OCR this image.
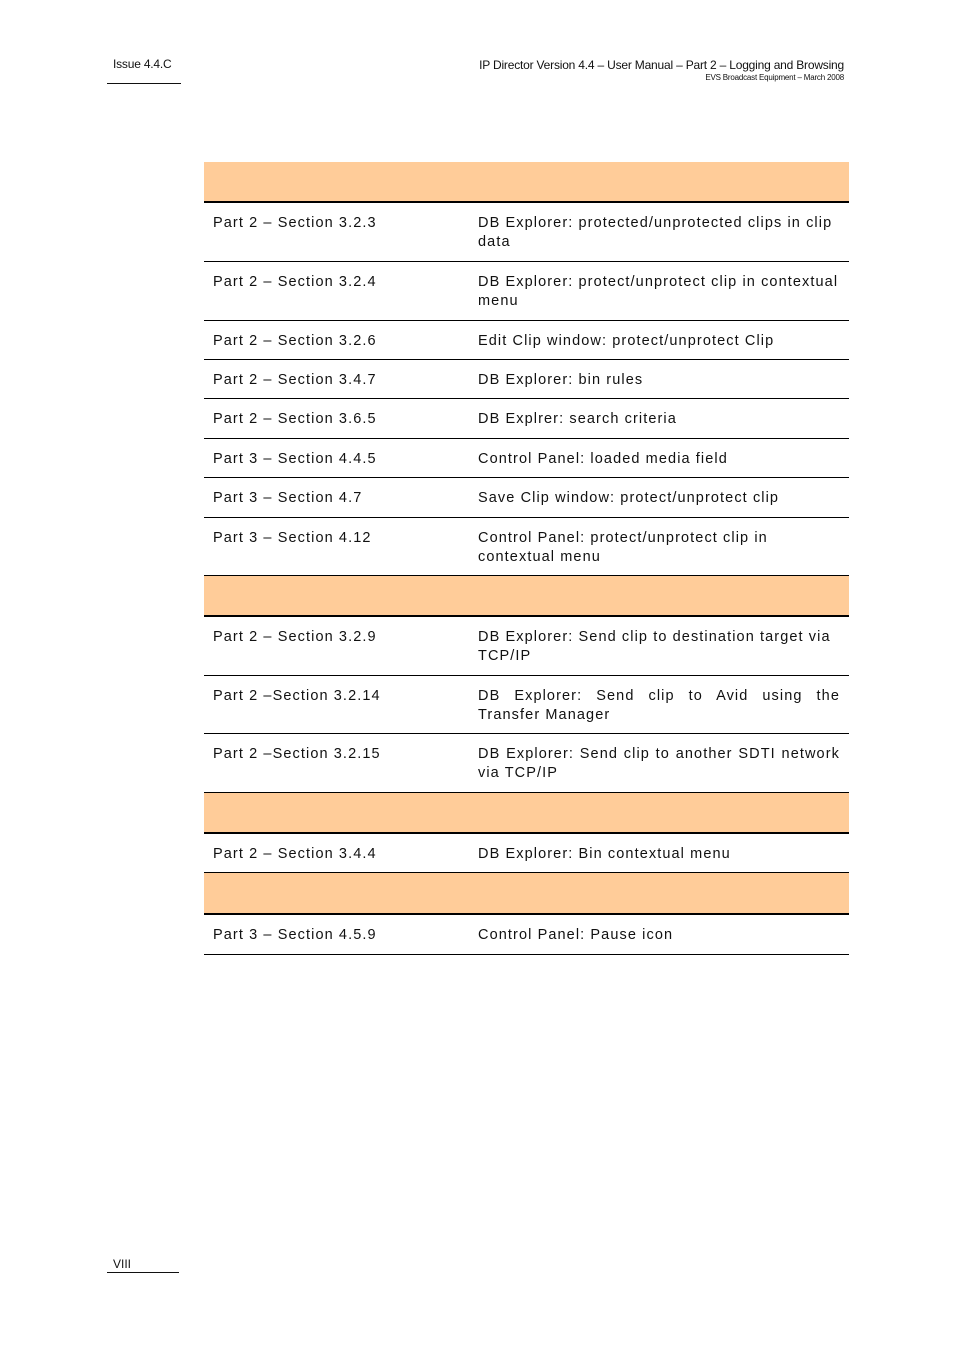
Issue 4.4.C	IP Director Version 4.4 – User Manual – Part 2 – Logging and Browsing
EVS Broadcast Equipment – March 2008
Part 2 – Section 3.2.3	DB Explorer: protected/unprotected clips in clip data
Part 2 – Section 3.2.4	DB Explorer: protect/unprotect clip in contextual menu
Part 2 – Section 3.2.6	Edit Clip window: protect/unprotect Clip
Part 2 – Section 3.4.7	DB Explorer: bin rules
Part 2 – Section 3.6.5	DB Explrer: search criteria
Part 3 – Section 4.4.5	Control Panel: loaded media field
Part 3 – Section 4.7	Save Clip window: protect/unprotect clip
Part 3 – Section 4.12	Control Panel: protect/unprotect clip in contextual menu
Part 2 – Section 3.2.9	DB Explorer: Send clip to destination target via TCP/IP
Part 2 –Section 3.2.14	DB Explorer: Send clip to Avid using the Transfer Manager
Part 2 –Section 3.2.15	DB Explorer: Send clip to another SDTI network via TCP/IP
Part 2 – Section 3.4.4	DB Explorer: Bin contextual menu
Part 3 – Section 4.5.9	Control Panel: Pause icon
VIII
